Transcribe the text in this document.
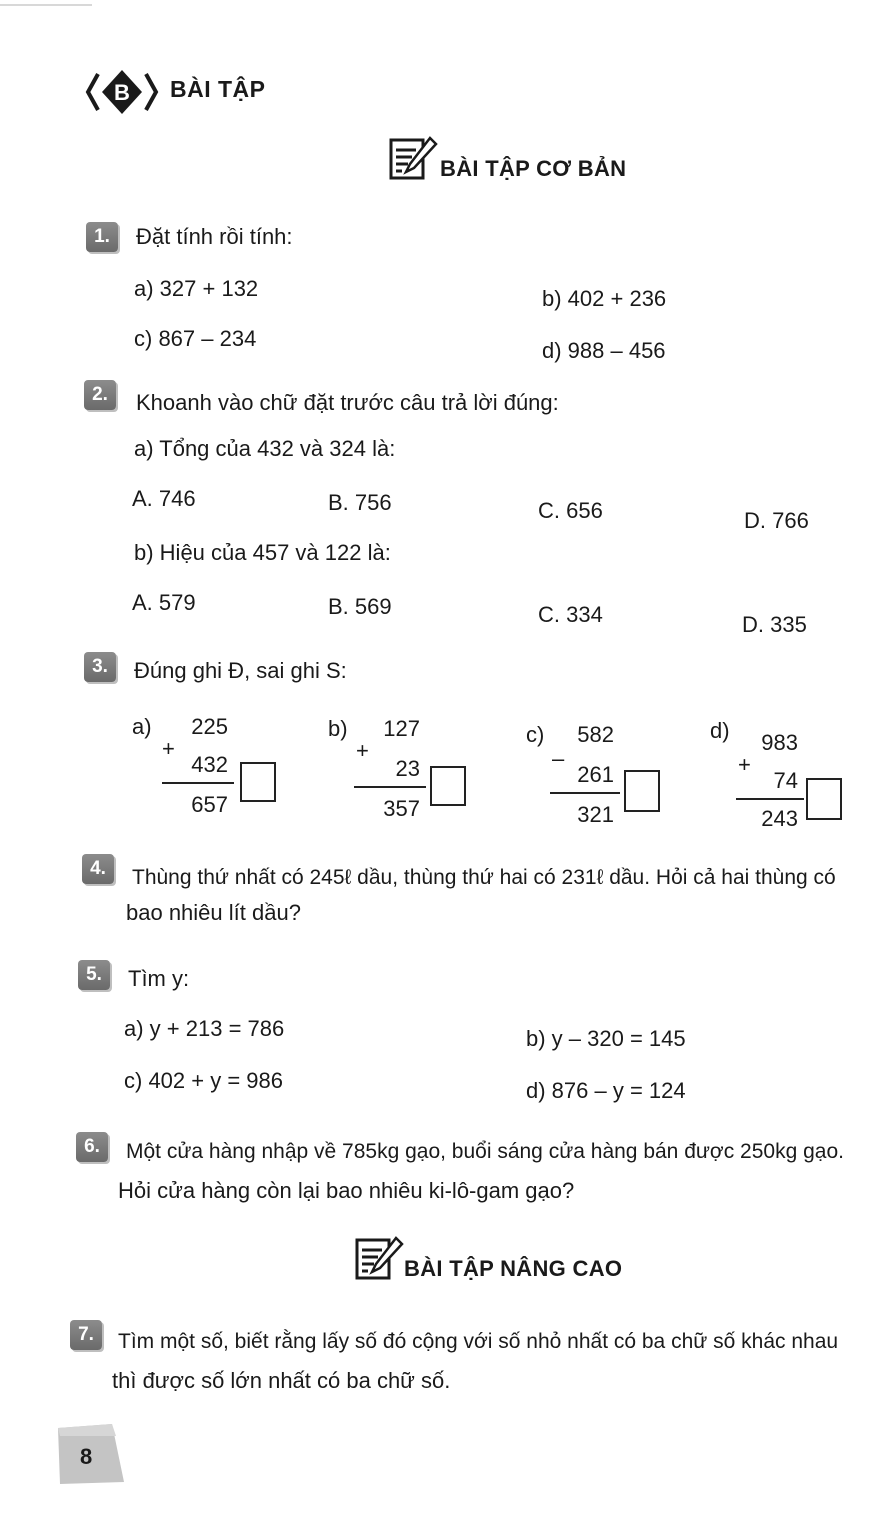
B BÀI TẬP
BÀI TẬP CƠ BẢN
1.	Đặt tính rồi tính:
a) 327 + 132	b) 402 + 236
c) 867 – 234	d) 988 – 456
2.	Khoanh vào chữ đặt trước câu trả lời đúng:
a) Tổng của 432 và 324 là:
A. 746	B. 756	C. 656	D. 766
b) Hiệu của 457 và 122 là:
A. 579	B. 569	C. 334	D. 335
3.	Đúng ghi Đ, sai ghi S:
a)
+
225
432
657
b)
+
127
23
357
c)
–
582
261
321
d)
+
983
74
243
4.	Thùng thứ nhất có 245ℓ dầu, thùng thứ hai có 231ℓ dầu. Hỏi cả hai thùng có
bao nhiêu lít dầu?
5.	Tìm y:
a) y + 213 = 786	b) y – 320 = 145
c) 402 + y = 986	d) 876 – y = 124
6.	Một cửa hàng nhập về 785kg gạo, buổi sáng cửa hàng bán được 250kg gạo.
Hỏi cửa hàng còn lại bao nhiêu ki-lô-gam gạo?
BÀI TẬP NÂNG CAO
7.	Tìm một số, biết rằng lấy số đó cộng với số nhỏ nhất có ba chữ số khác nhau
thì được số lớn nhất có ba chữ số.
8
